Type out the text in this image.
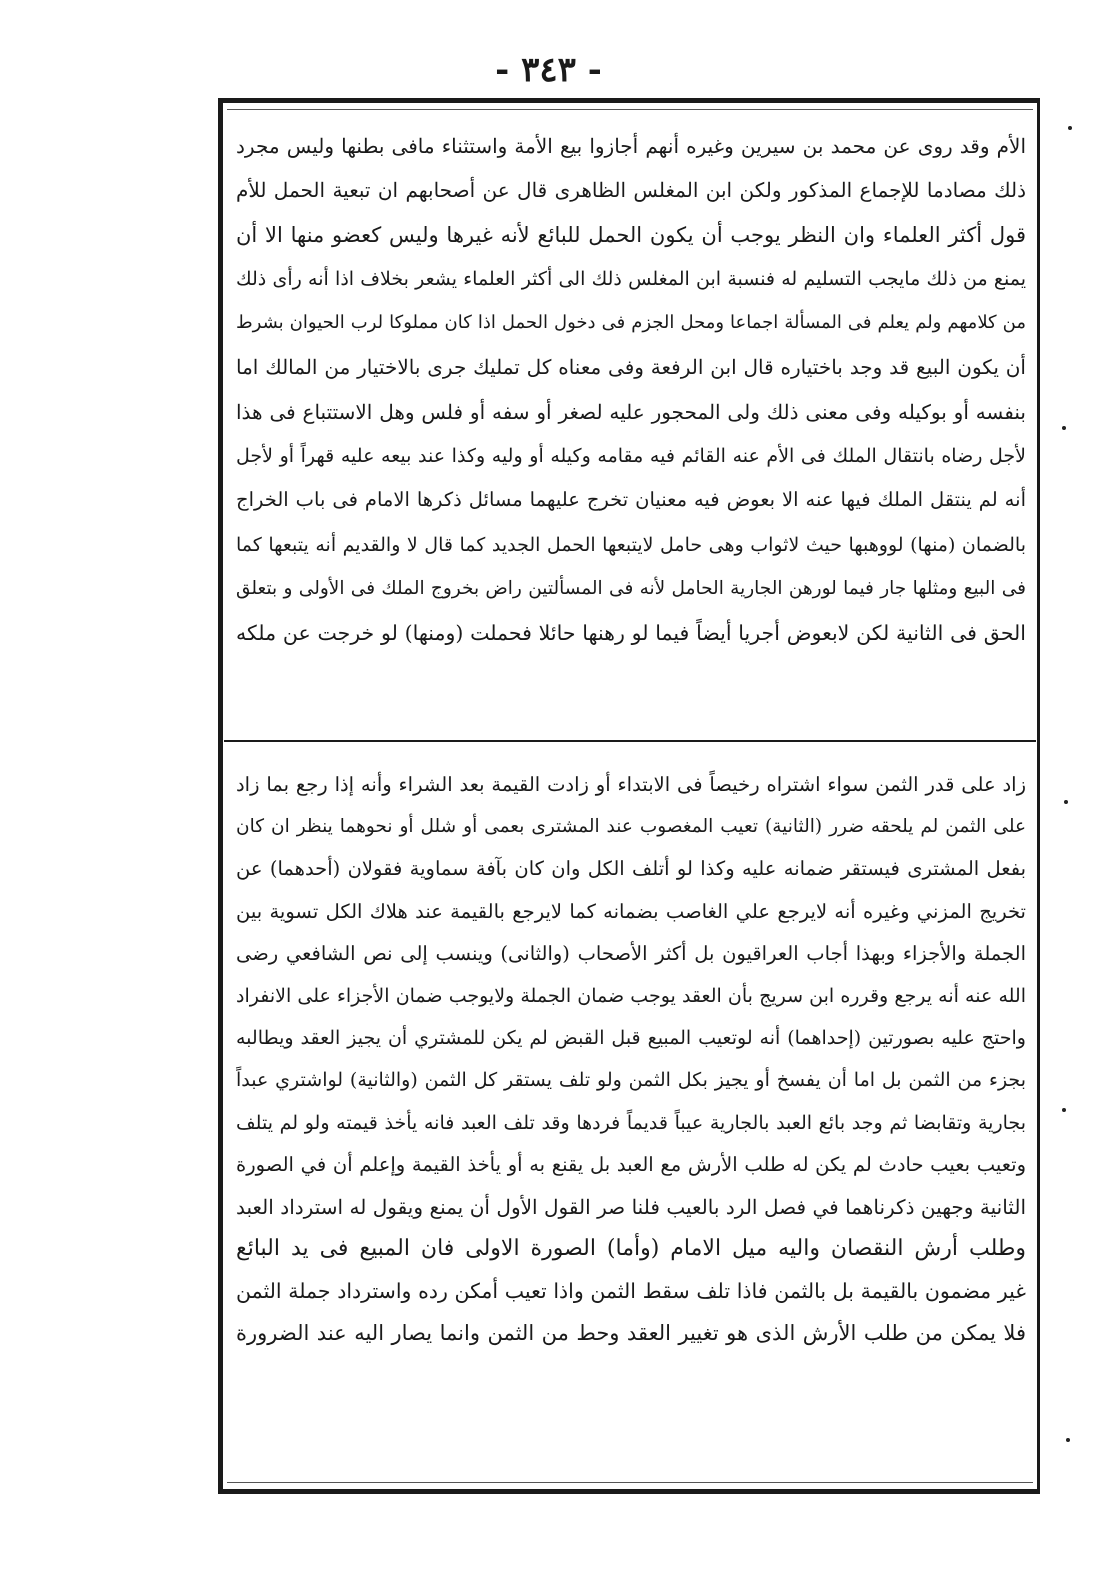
- ٣٤٣ -
الأم وقد روى عن محمد بن سيرين وغيره أنهم أجازوا بيع الأمة واستثناء مافى بطنها وليس مجرد
ذلك مصادما للإجماع المذكور ولكن ابن المغلس الظاهرى قال عن أصحابهم ان تبعية الحمل للأم
قول أكثر العلماء وان النظر يوجب أن يكون الحمل للبائع لأنه غيرها وليس كعضو منها الا أن
يمنع من ذلك مايجب التسليم له فنسبة ابن المغلس ذلك الى أكثر العلماء يشعر بخلاف اذا أنه رأى ذلك
من كلامهم ولم يعلم فى المسألة اجماعا ومحل الجزم فى دخول الحمل اذا كان مملوكا لرب الحيوان بشرط
أن يكون البيع قد وجد باختياره قال ابن الرفعة وفى معناه كل تمليك جرى بالاختيار من المالك اما
بنفسه أو بوكيله وفى معنى ذلك ولى المحجور عليه لصغر أو سفه أو فلس وهل الاستتباع فى هذا
لأجل رضاه بانتقال الملك فى الأم عنه القائم فيه مقامه وكيله أو وليه وكذا عند بيعه عليه قهراً أو لأجل
أنه لم ينتقل الملك فيها عنه الا بعوض فيه معنيان تخرج عليهما مسائل ذكرها الامام فى باب الخراج
بالضمان (منها) لووهبها حيث لاثواب وهى حامل لايتبعها الحمل الجديد كما قال لا والقديم أنه يتبعها كما
فى البيع ومثلها جار فيما لورهن الجارية الحامل لأنه فى المسألتين راض بخروج الملك فى الأولى و بتعلق
الحق فى الثانية لكن لابعوض أجريا أيضاً فيما لو رهنها حائلا فحملت (ومنها) لو خرجت عن ملكه
زاد على قدر الثمن سواء اشتراه رخيصاً فى الابتداء أو زادت القيمة بعد الشراء وأنه إذا رجع بما زاد
على الثمن لم يلحقه ضرر (الثانية) تعيب المغصوب عند المشترى بعمى أو شلل أو نحوهما ينظر ان كان
بفعل المشترى فيستقر ضمانه عليه وكذا لو أتلف الكل وان كان بآفة سماوية فقولان (أحدهما) عن
تخريج المزني وغيره أنه لايرجع علي الغاصب بضمانه كما لايرجع بالقيمة عند هلاك الكل تسوية بين
الجملة والأجزاء وبهذا أجاب العراقيون بل أكثر الأصحاب (والثانى) وينسب إلى نص الشافعي رضى
الله عنه أنه يرجع وقرره ابن سريج بأن العقد يوجب ضمان الجملة ولايوجب ضمان الأجزاء على الانفراد
واحتج عليه بصورتين (إحداهما) أنه لوتعيب المبيع قبل القبض لم يكن للمشتري أن يجيز العقد ويطالبه
بجزء من الثمن بل اما أن يفسخ أو يجيز بكل الثمن ولو تلف يستقر كل الثمن (والثانية) لواشتري عبداً
بجارية وتقابضا ثم وجد بائع العبد بالجارية عيباً قديماً فردها وقد تلف العبد فانه يأخذ قيمته ولو لم يتلف
وتعيب بعيب حادث لم يكن له طلب الأرش مع العبد بل يقنع به أو يأخذ القيمة وإعلم أن في الصورة
الثانية وجهين ذكرناهما في فصل الرد بالعيب فلنا صر القول الأول أن يمنع ويقول له استرداد العبد
وطلب أرش النقصان واليه ميل الامام (وأما) الصورة الاولى فان المبيع فى يد البائع
غير مضمون بالقيمة بل بالثمن فاذا تلف سقط الثمن واذا تعيب أمكن رده واسترداد جملة الثمن
فلا يمكن من طلب الأرش الذى هو تغيير العقد وحط من الثمن وانما يصار اليه عند الضرورة
